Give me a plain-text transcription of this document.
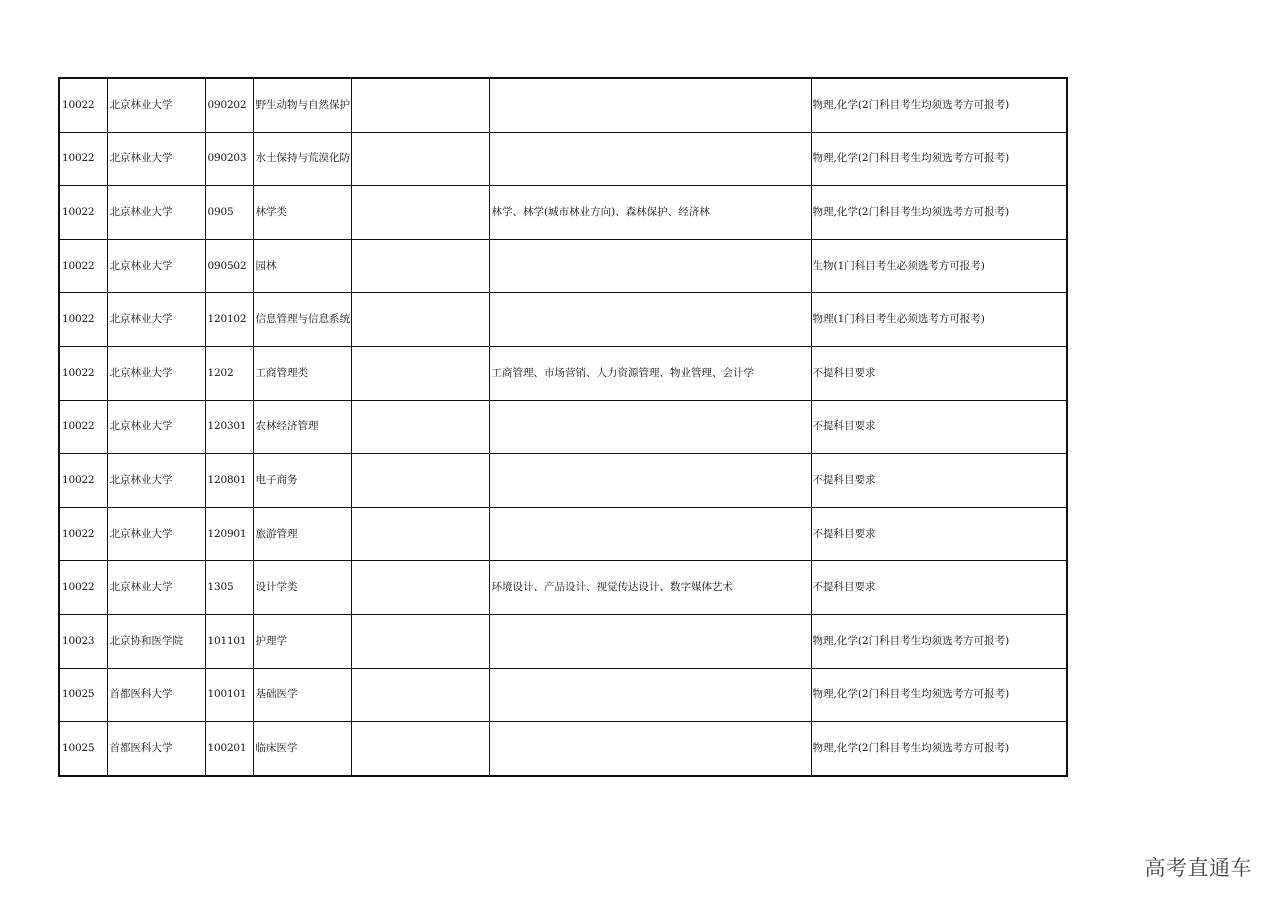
10022	北京林业大学	090202	野生动物与自然保护			物理,化学(2门科目考生均须选考方可报考)
10022	北京林业大学	090203	水土保持与荒漠化防			物理,化学(2门科目考生均须选考方可报考)
10022	北京林业大学	0905	林学类		林学、林学(城市林业方向)、森林保护、经济林	物理,化学(2门科目考生均须选考方可报考)
10022	北京林业大学	090502	园林			生物(1门科目考生必须选考方可报考)
10022	北京林业大学	120102	信息管理与信息系统			物理(1门科目考生必须选考方可报考)
10022	北京林业大学	1202	工商管理类		工商管理、市场营销、人力资源管理、物业管理、会计学	不提科目要求
10022	北京林业大学	120301	农林经济管理			不提科目要求
10022	北京林业大学	120801	电子商务			不提科目要求
10022	北京林业大学	120901	旅游管理			不提科目要求
10022	北京林业大学	1305	设计学类		环境设计、产品设计、视觉传达设计、数字媒体艺术	不提科目要求
10023	北京协和医学院	101101	护理学			物理,化学(2门科目考生均须选考方可报考)
10025	首都医科大学	100101	基础医学			物理,化学(2门科目考生均须选考方可报考)
10025	首都医科大学	100201	临床医学			物理,化学(2门科目考生均须选考方可报考)
高考直通车
